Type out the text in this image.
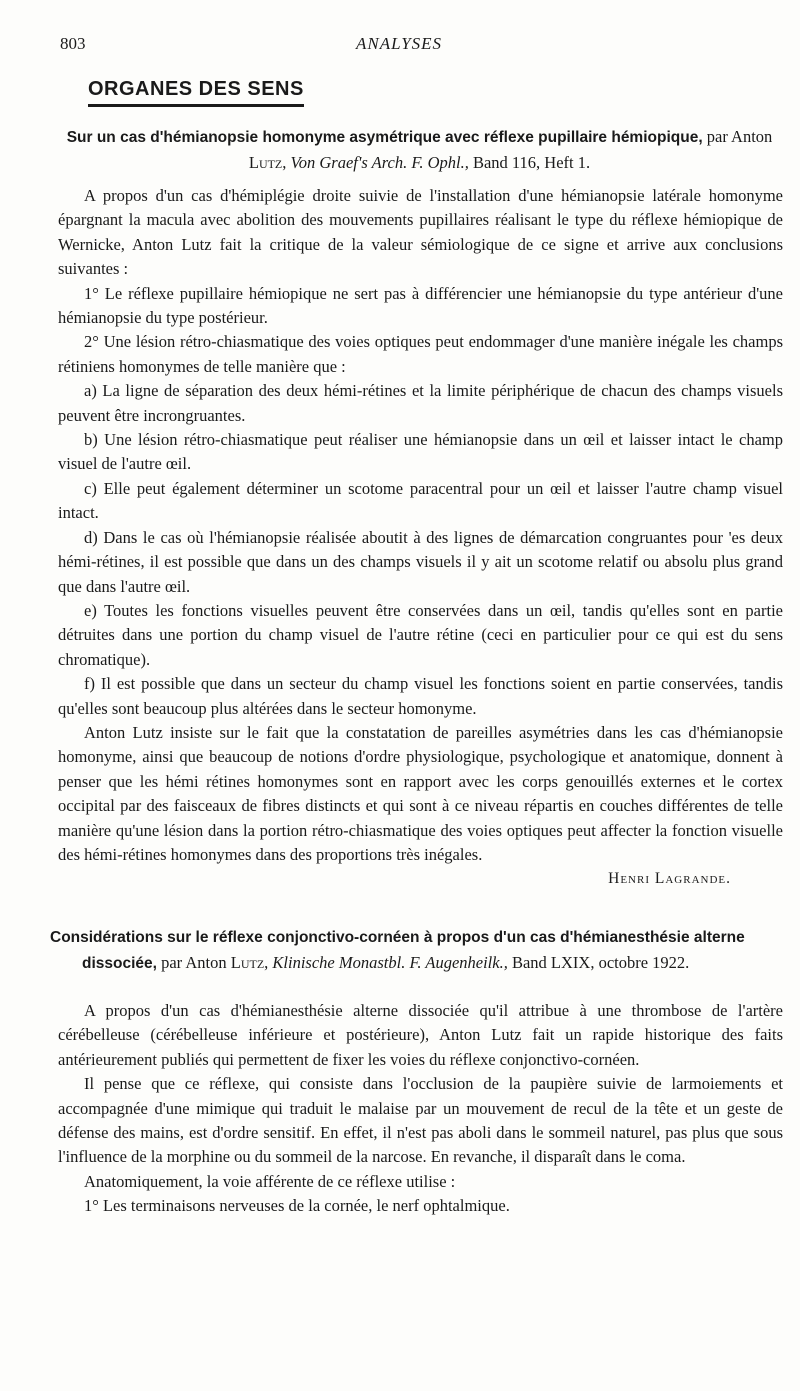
803	ANALYSES
ORGANES DES SENS
Sur un cas d'hémianopsie homonyme asymétrique avec réflexe pupillaire hémiopique, par Anton Lutz, Von Graef's Arch. F. Ophl., Band 116, Heft 1.

A propos d'un cas d'hémiplégie droite suivie de l'installation d'une hémianopsie latérale homonyme épargnant la macula avec abolition des mouvements pupillaires réalisant le type du réflexe hémiopique de Wernicke, Anton Lutz fait la critique de la valeur sémiologique de ce signe et arrive aux conclusions suivantes :

1° Le réflexe pupillaire hémiopique ne sert pas à différencier une hémianopsie du type antérieur d'une hémianopsie du type postérieur.

2° Une lésion rétro-chiasmatique des voies optiques peut endommager d'une manière inégale les champs rétiniens homonymes de telle manière que :

a) La ligne de séparation des deux hémi-rétines et la limite périphérique de chacun des champs visuels peuvent être incrongruantes.

b) Une lésion rétro-chiasmatique peut réaliser une hémianopsie dans un œil et laisser intact le champ visuel de l'autre œil.

c) Elle peut également déterminer un scotome paracentral pour un œil et laisser l'autre champ visuel intact.

d) Dans le cas où l'hémianopsie réalisée aboutit à des lignes de démarcation congruantes pour 'es deux hémi-rétines, il est possible que dans un des champs visuels il y ait un scotome relatif ou absolu plus grand que dans l'autre œil.

e) Toutes les fonctions visuelles peuvent être conservées dans un œil, tandis qu'elles sont en partie détruites dans une portion du champ visuel de l'autre rétine (ceci en particulier pour ce qui est du sens chromatique).

f) Il est possible que dans un secteur du champ visuel les fonctions soient en partie conservées, tandis qu'elles sont beaucoup plus altérées dans le secteur homonyme.

Anton Lutz insiste sur le fait que la constatation de pareilles asymétries dans les cas d'hémianopsie homonyme, ainsi que beaucoup de notions d'ordre physiologique, psychologique et anatomique, donnent à penser que les hémi rétines homonymes sont en rapport avec les corps genouillés externes et le cortex occipital par des faisceaux de fibres distincts et qui sont à ce niveau répartis en couches différentes de telle manière qu'une lésion dans la portion rétro-chiasmatique des voies optiques peut affecter la fonction visuelle des hémi-rétines homonymes dans des proportions très inégales.

Henri Lagrande.
Considérations sur le réflexe conjonctivo-cornéen à propos d'un cas d'hémianesthésie alterne dissociée, par Anton Lutz, Klinische Monastbl. F. Augenheilk., Band LXIX, octobre 1922.

A propos d'un cas d'hémianesthésie alterne dissociée qu'il attribue à une thrombose de l'artère cérébelleuse (cérébelleuse inférieure et postérieure), Anton Lutz fait un rapide historique des faits antérieurement publiés qui permettent de fixer les voies du réflexe conjonctivo-cornéen.

Il pense que ce réflexe, qui consiste dans l'occlusion de la paupière suivie de larmoiements et accompagnée d'une mimique qui traduit le malaise par un mouvement de recul de la tête et un geste de défense des mains, est d'ordre sensitif. En effet, il n'est pas aboli dans le sommeil naturel, pas plus que sous l'influence de la morphine ou du sommeil de la narcose. En revanche, il disparaît dans le coma.

Anatomiquement, la voie afférente de ce réflexe utilise :

1° Les terminaisons nerveuses de la cornée, le nerf ophtalmique.
